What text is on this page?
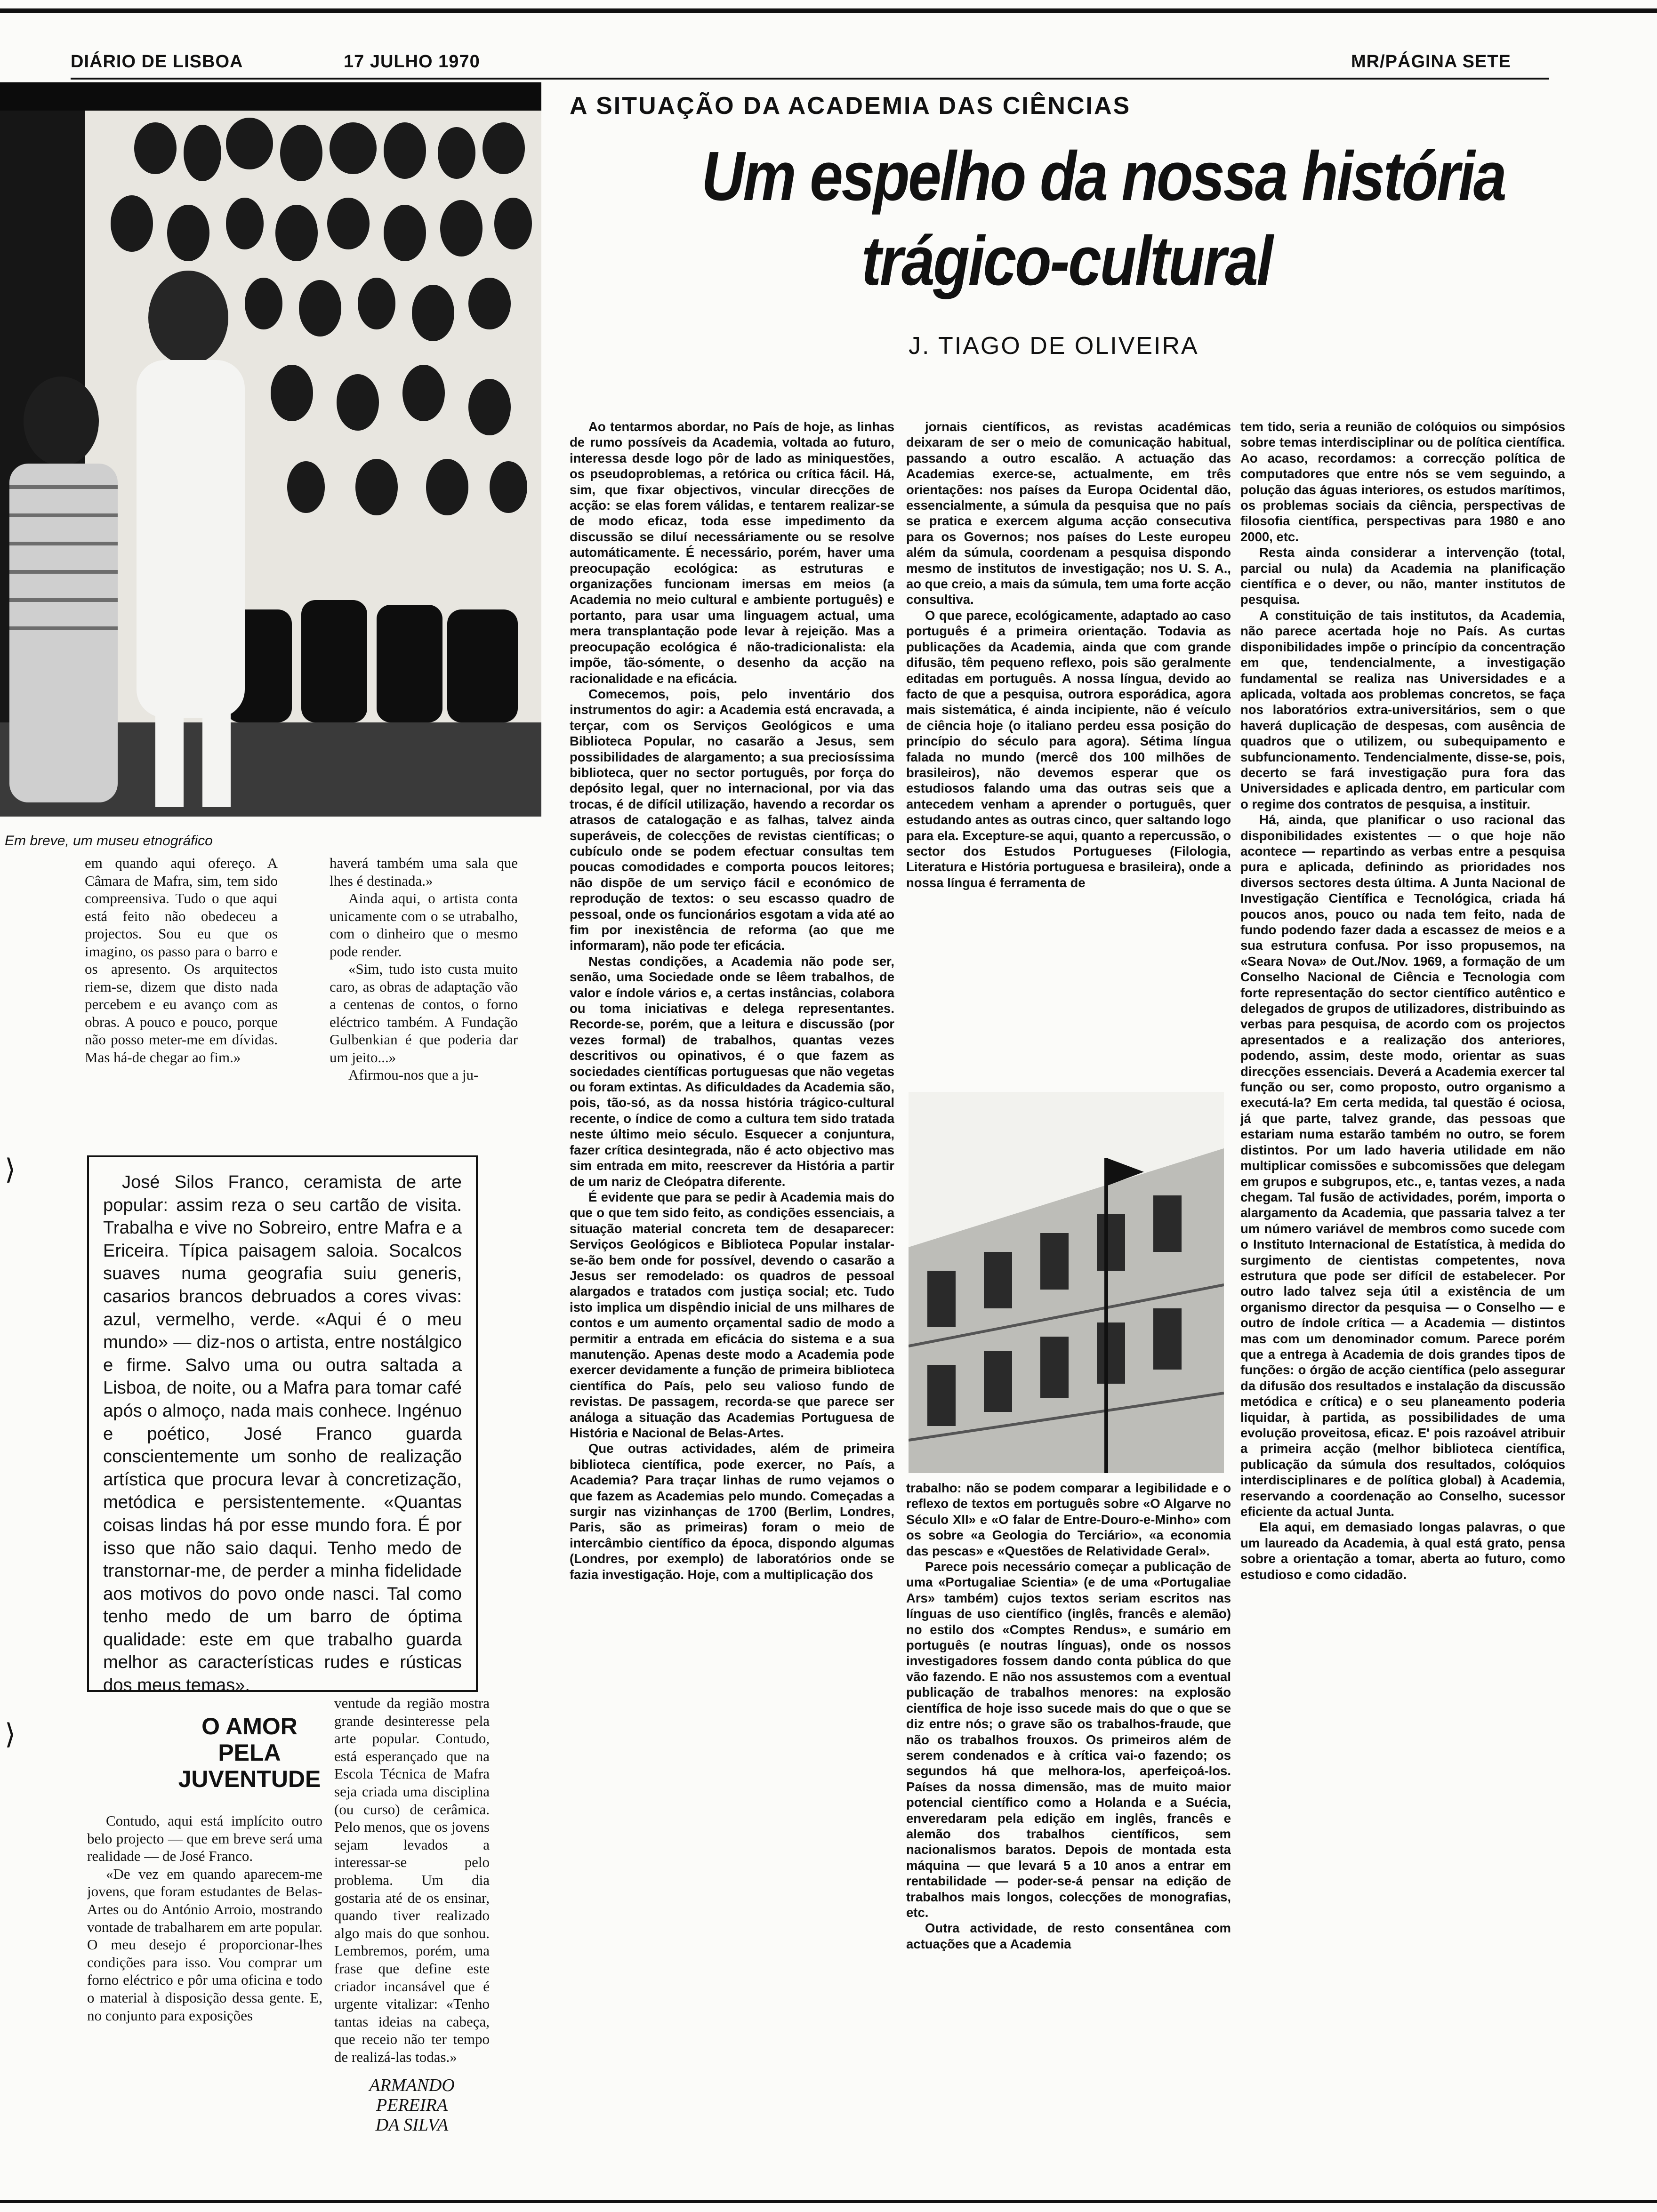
DIÁRIO DE LISBOA	17 JULHO 1970	MR/PÁGINA SETE
Em breve, um museu etnográfico
A SITUAÇÃO DA ACADEMIA DAS CIÊNCIAS
Um espelho da nossa história
trágico-cultural
J. TIAGO DE OLIVEIRA

Ao tentarmos abordar, no País de hoje, as linhas de rumo possíveis da Academia, voltada ao futuro, interessa desde logo pôr de lado as miniquestões, os pseudoproblemas, a retórica ou crítica fácil. Há, sim, que fixar objectivos, vincular direcções de acção: se elas forem válidas, e tentarem realizar-se de modo eficaz, toda esse impedimento da discussão se diluí necessáriamente ou se resolve automáticamente. É necessário, porém, haver uma preocupação ecológica: as estruturas e organizações funcionam imersas em meios (a Academia no meio cultural e ambiente português) e portanto, para usar uma linguagem actual, uma mera transplantação pode levar à rejeição. Mas a preocupação ecológica é não-tradicionalista: ela impõe, tão-sómente, o desenho da acção na racionalidade e na eficácia.

Comecemos, pois, pelo inventário dos instrumentos do agir: a Academia está encravada, a terçar, com os Serviços Geológicos e uma Biblioteca Popular, no casarão a Jesus, sem possibilidades de alargamento; a sua preciosíssima biblioteca, quer no sector português, por força do depósito legal, quer no internacional, por via das trocas, é de difícil utilização, havendo a recordar os atrasos de catalogação e as falhas, talvez ainda superáveis, de colecções de revistas científicas; o cubículo onde se podem efectuar consultas tem poucas comodidades e comporta poucos leitores; não dispõe de um serviço fácil e económico de reprodução de textos: o seu escasso quadro de pessoal, onde os funcionários esgotam a vida até ao fim por inexistência de reforma (ao que me informaram), não pode ter eficácia.

Nestas condições, a Academia não pode ser, senão, uma Sociedade onde se lêem trabalhos, de valor e índole vários e, a certas instâncias, colabora ou toma iniciativas e delega representantes. Recorde-se, porém, que a leitura e discussão (por vezes formal) de trabalhos, quantas vezes descritivos ou opinativos, é o que fazem as sociedades científicas portuguesas que não vegetas ou foram extintas. As dificuldades da Academia são, pois, tão-só, as da nossa história trágico-cultural recente, o índice de como a cultura tem sido tratada neste último meio século. Esquecer a conjuntura, fazer crítica desintegrada, não é acto objectivo mas sim entrada em mito, reescrever da História a partir de um nariz de Cleópatra diferente.

É evidente que para se pedir à Academia mais do que o que tem sido feito, as condições essenciais, a situação material concreta tem de desaparecer: Serviços Geológicos e Biblioteca Popular instalar-se-ão bem onde for possível, devendo o casarão a Jesus ser remodelado: os quadros de pessoal alargados e tratados com justiça social; etc. Tudo isto implica um dispêndio inicial de uns milhares de contos e um aumento orçamental sadio de modo a permitir a entrada em eficácia do sistema e a sua manutenção. Apenas deste modo a Academia pode exercer devidamente a função de primeira biblioteca científica do País, pelo seu valioso fundo de revistas. De passagem, recorda-se que parece ser análoga a situação das Academias Portuguesa de História e Nacional de Belas-Artes.

Que outras actividades, além de primeira biblioteca científica, pode exercer, no País, a Academia? Para traçar linhas de rumo vejamos o que fazem as Academias pelo mundo. Começadas a surgir nas vizinhanças de 1700 (Berlim, Londres, Paris, são as primeiras) foram o meio de intercâmbio científico da época, dispondo algumas (Londres, por exemplo) de laboratórios onde se fazia investigação. Hoje, com a multiplicação dos

jornais científicos, as revistas académicas deixaram de ser o meio de comunicação habitual, passando a outro escalão. A actuação das Academias exerce-se, actualmente, em três orientações: nos países da Europa Ocidental dão, essencialmente, a súmula da pesquisa que no país se pratica e exercem alguma acção consecutiva para os Governos; nos países do Leste europeu além da súmula, coordenam a pesquisa dispondo mesmo de institutos de investigação; nos U. S. A., ao que creio, a mais da súmula, tem uma forte acção consultiva.

O que parece, ecológicamente, adaptado ao caso português é a primeira orientação. Todavia as publicações da Academia, ainda que com grande difusão, têm pequeno reflexo, pois são geralmente editadas em português. A nossa língua, devido ao facto de que a pesquisa, outrora esporádica, agora mais sistemática, é ainda incipiente, não é veículo de ciência hoje (o italiano perdeu essa posição do princípio do século para agora). Sétima língua falada no mundo (mercê dos 100 milhões de brasileiros), não devemos esperar que os estudiosos falando uma das outras seis que a antecedem venham a aprender o português, quer estudando antes as outras cinco, quer saltando logo para ela. Excepture-se aqui, quanto a repercussão, o sector dos Estudos Portugueses (Filologia, Literatura e História portuguesa e brasileira), onde a nossa língua é ferramenta de

trabalho: não se podem comparar a legibilidade e o reflexo de textos em português sobre «O Algarve no Século XII» e «O falar de Entre-Douro-e-Minho» com os sobre «a Geologia do Terciário», «a economia das pescas» e «Questões de Relatividade Geral».

Parece pois necessário começar a publicação de uma «Portugaliae Scientia» (e de uma «Portugaliae Ars» também) cujos textos seriam escritos nas línguas de uso científico (inglês, francês e alemão) no estilo dos «Comptes Rendus», e sumário em português (e noutras línguas), onde os nossos investigadores fossem dando conta pública do que vão fazendo. E não nos assustemos com a eventual publicação de trabalhos menores: na explosão científica de hoje isso sucede mais do que o que se diz entre nós; o grave são os trabalhos-fraude, que não os trabalhos frouxos. Os primeiros além de serem condenados e à crítica vai-o fazendo; os segundos há que melhora-los, aperfeiçoá-los. Países da nossa dimensão, mas de muito maior potencial científico como a Holanda e a Suécia, enveredaram pela edição em inglês, francês e alemão dos trabalhos científicos, sem nacionalismos baratos. Depois de montada esta máquina — que levará 5 a 10 anos a entrar em rentabilidade — poder-se-á pensar na edição de trabalhos mais longos, colecções de monografias, etc.

Outra actividade, de resto consentânea com actuações que a Academia

tem tido, seria a reunião de colóquios ou simpósios sobre temas interdisciplinar ou de política científica. Ao acaso, recordamos: a correcção política de computadores que entre nós se vem seguindo, a polução das águas interiores, os estudos marítimos, os problemas sociais da ciência, perspectivas de filosofia científica, perspectivas para 1980 e ano 2000, etc.

Resta ainda considerar a intervenção (total, parcial ou nula) da Academia na planificação científica e o dever, ou não, manter institutos de pesquisa.

A constituição de tais institutos, da Academia, não parece acertada hoje no País. As curtas disponibilidades impõe o princípio da concentração em que, tendencialmente, a investigação fundamental se realiza nas Universidades e a aplicada, voltada aos problemas concretos, se faça nos laboratórios extra-universitários, sem o que haverá duplicação de despesas, com ausência de quadros que o utilizem, ou subequipamento e subfuncionamento. Tendencialmente, disse-se, pois, decerto se fará investigação pura fora das Universidades e aplicada dentro, em particular com o regime dos contratos de pesquisa, a instituir.

Há, ainda, que planificar o uso racional das disponibilidades existentes — o que hoje não acontece — repartindo as verbas entre a pesquisa pura e aplicada, definindo as prioridades nos diversos sectores desta última. A Junta Nacional de Investigação Científica e Tecnológica, criada há poucos anos, pouco ou nada tem feito, nada de fundo podendo fazer dada a escassez de meios e a sua estrutura confusa. Por isso propusemos, na «Seara Nova» de Out./Nov. 1969, a formação de um Conselho Nacional de Ciência e Tecnologia com forte representação do sector científico autêntico e delegados de grupos de utilizadores, distribuindo as verbas para pesquisa, de acordo com os projectos apresentados e a realização dos anteriores, podendo, assim, deste modo, orientar as suas direcções essenciais. Deverá a Academia exercer tal função ou ser, como proposto, outro organismo a executá-la? Em certa medida, tal questão é ociosa, já que parte, talvez grande, das pessoas que estariam numa estarão também no outro, se forem distintos. Por um lado haveria utilidade em não multiplicar comissões e subcomissões que delegam em grupos e subgrupos, etc., e, tantas vezes, a nada chegam. Tal fusão de actividades, porém, importa o alargamento da Academia, que passaria talvez a ter um número variável de membros como sucede com o Instituto Internacional de Estatística, à medida do surgimento de cientistas competentes, nova estrutura que pode ser difícil de estabelecer. Por outro lado talvez seja útil a existência de um organismo director da pesquisa — o Conselho — e outro de índole crítica — a Academia — distintos mas com um denominador comum. Parece porém que a entrega à Academia de dois grandes tipos de funções: o órgão de acção científica (pelo assegurar da difusão dos resultados e instalação da discussão metódica e crítica) e o seu planeamento poderia liquidar, à partida, as possibilidades de uma evolução proveitosa, eficaz. E' pois razoável atribuir a primeira acção (melhor biblioteca científica, publicação da súmula dos resultados, colóquios interdisciplinares e de política global) à Academia, reservando a coordenação ao Conselho, sucessor eficiente da actual Junta.

Ela aqui, em demasiado longas palavras, o que um laureado da Academia, à qual está grato, pensa sobre a orientação a tomar, aberta ao futuro, como estudioso e como cidadão.

em quando aqui ofereço. A Câmara de Mafra, sim, tem sido compreensiva. Tudo o que aqui está feito não obedeceu a projectos. Sou eu que os imagino, os passo para o barro e os apresento. Os arquitectos riem-se, dizem que disto nada percebem e eu avanço com as obras. A pouco e pouco, porque não posso meter-me em dívidas. Mas há-de chegar ao fim.»

haverá também uma sala que lhes é destinada.»

Ainda aqui, o artista conta unicamente com o se utrabalho, com o dinheiro que o mesmo pode render.

«Sim, tudo isto custa muito caro, as obras de adaptação vão a centenas de contos, o forno eléctrico também. A Fundação Gulbenkian é que poderia dar um jeito...»

Afirmou-nos que a ju-

⟩	José Silos Franco, ceramista de arte popular: assim reza o seu cartão de visita. Trabalha e vive no Sobreiro, entre Mafra e a Ericeira. Típica paisagem saloia. Socalcos suaves numa geografia suiu generis, casarios brancos debruados a cores vivas: azul, vermelho, verde. «Aqui é o meu mundo» — diz-nos o artista, entre nostálgico e firme. Salvo uma ou outra saltada a Lisboa, de noite, ou a Mafra para tomar café após o almoço, nada mais conhece. Ingénuo e poético, José Franco guarda conscientemente um sonho de realização artística que procura levar à concretização, metódica e persistentemente. «Quantas coisas lindas há por esse mundo fora. É por isso que não saio daqui. Tenho medo de transtornar-me, de perder a minha fidelidade aos motivos do povo onde nasci. Tal como tenho medo de um barro de óptima qualidade: este em que trabalho guarda melhor as características rudes e rústicas dos meus temas».

O AMOR
PELA
JUVENTUDE

Contudo, aqui está implícito outro belo projecto — que em breve será uma realidade — de José Franco.

«De vez em quando aparecem-me jovens, que foram estudantes de Belas-Artes ou do António Arroio, mostrando vontade de trabalharem em arte popular. O meu desejo é proporcionar-lhes condições para isso. Vou comprar um forno eléctrico e pôr uma oficina e todo o material à disposição dessa gente. E, no conjunto para exposições

ventude da região mostra grande desinteresse pela arte popular. Contudo, está esperançado que na Escola Técnica de Mafra seja criada uma disciplina (ou curso) de cerâmica. Pelo menos, que os jovens sejam levados a interessar-se pelo problema. Um dia gostaria até de os ensinar, quando tiver realizado algo mais do que sonhou. Lembremos, porém, uma frase que define este criador incansável que é urgente vitalizar: «Tenho tantas ideias na cabeça, que receio não ter tempo de realizá-las todas.»

ARMANDO PEREIRA
DA SILVA
⟩
